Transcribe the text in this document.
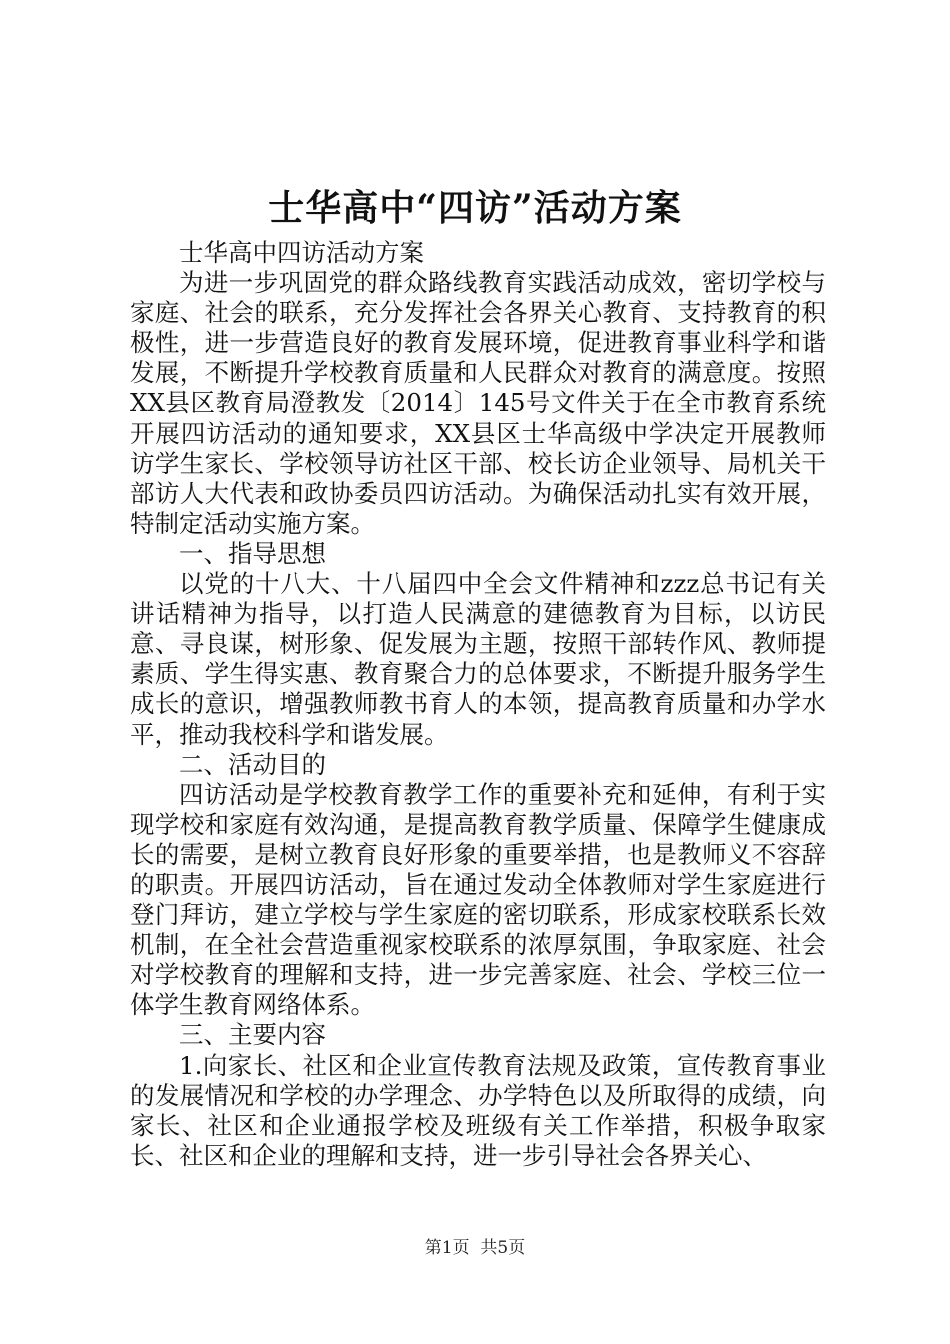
士华高中“四访”活动方案

士华高中四访活动方案

为进一步巩固党的群众路线教育实践活动成效，密切学校与家庭、社会的联系，充分发挥社会各界关心教育、支持教育的积极性，进一步营造良好的教育发展环境，促进教育事业科学和谐发展，不断提升学校教育质量和人民群众对教育的满意度。按照XX县区教育局澄教发〔2014〕145号文件关于在全市教育系统开展四访活动的通知要求，XX县区士华高级中学决定开展教师访学生家长、学校领导访社区干部、校长访企业领导、局机关干部访人大代表和政协委员四访活动。为确保活动扎实有效开展，特制定活动实施方案。

一、指导思想

以党的十八大、十八届四中全会文件精神和zzz总书记有关讲话精神为指导，以打造人民满意的建德教育为目标，以访民意、寻良谋，树形象、促发展为主题，按照干部转作风、教师提素质、学生得实惠、教育聚合力的总体要求，不断提升服务学生成长的意识，增强教师教书育人的本领，提高教育质量和办学水平，推动我校科学和谐发展。

二、活动目的

四访活动是学校教育教学工作的重要补充和延伸，有利于实现学校和家庭有效沟通，是提高教育教学质量、保障学生健康成长的需要，是树立教育良好形象的重要举措，也是教师义不容辞的职责。开展四访活动，旨在通过发动全体教师对学生家庭进行登门拜访，建立学校与学生家庭的密切联系，形成家校联系长效机制，在全社会营造重视家校联系的浓厚氛围，争取家庭、社会对学校教育的理解和支持，进一步完善家庭、社会、学校三位一体学生教育网络体系。

三、主要内容

1.向家长、社区和企业宣传教育法规及政策，宣传教育事业的发展情况和学校的办学理念、办学特色以及所取得的成绩，向家长、社区和企业通报学校及班级有关工作举措，积极争取家长、社区和企业的理解和支持，进一步引导社会各界关心、

第1页 共5页
